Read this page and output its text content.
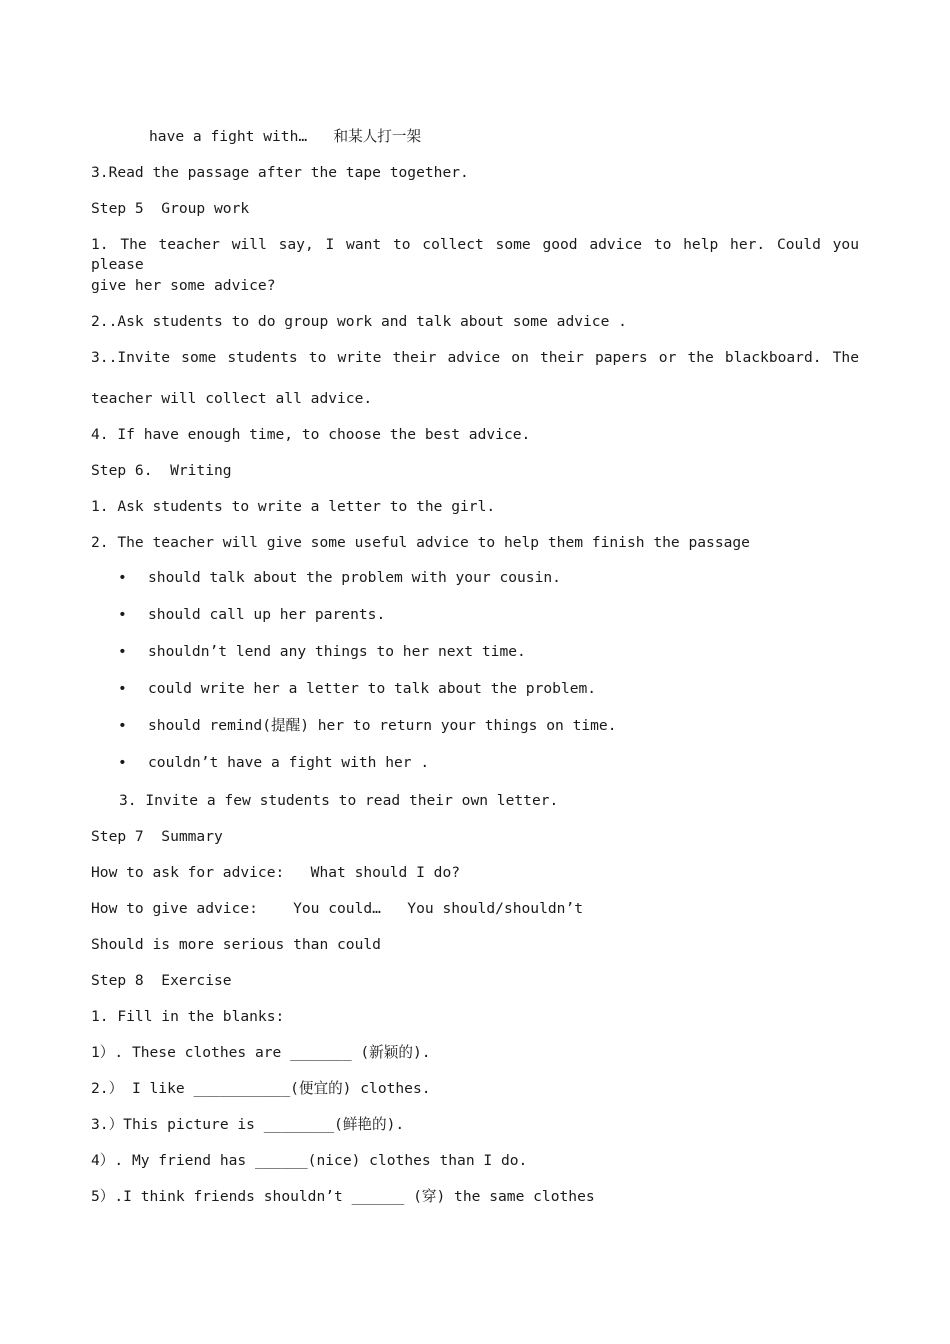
have a fight with…   和某人打一架

3.Read the passage after the tape together.

Step 5  Group work

1. The teacher will say, I want to collect some good advice to help her. Could you please

give her some advice?

2..Ask students to do group work and talk about some advice .

3..Invite some students to write their advice on their papers or the blackboard. The

teacher will collect all advice.

4. If have enough time, to choose the best advice.

Step 6.  Writing

1. Ask students to write a letter to the girl.

2. The teacher will give some useful advice to help them finish the passage

•

should talk about the problem with your cousin.

•

should call up her parents.

•

shouldn’t lend any things to her next time.

•

could write her a letter to talk about the problem.

•

should remind(提醒) her to return your things on time.

•

couldn’t have a fight with her .

3. Invite a few students to read their own letter.

Step 7  Summary

How to ask for advice:   What should I do?

How to give advice:    You could…   You should/shouldn’t

Should is more serious than could

Step 8  Exercise

1. Fill in the blanks:

1）. These clothes are _______ (新颖的).

2.） I like ___________(便宜的) clothes.

3.）This picture is ________(鲜艳的).

4）. My friend has ______(nice) clothes than I do.

5）.I think friends shouldn’t ______ (穿) the same clothes
